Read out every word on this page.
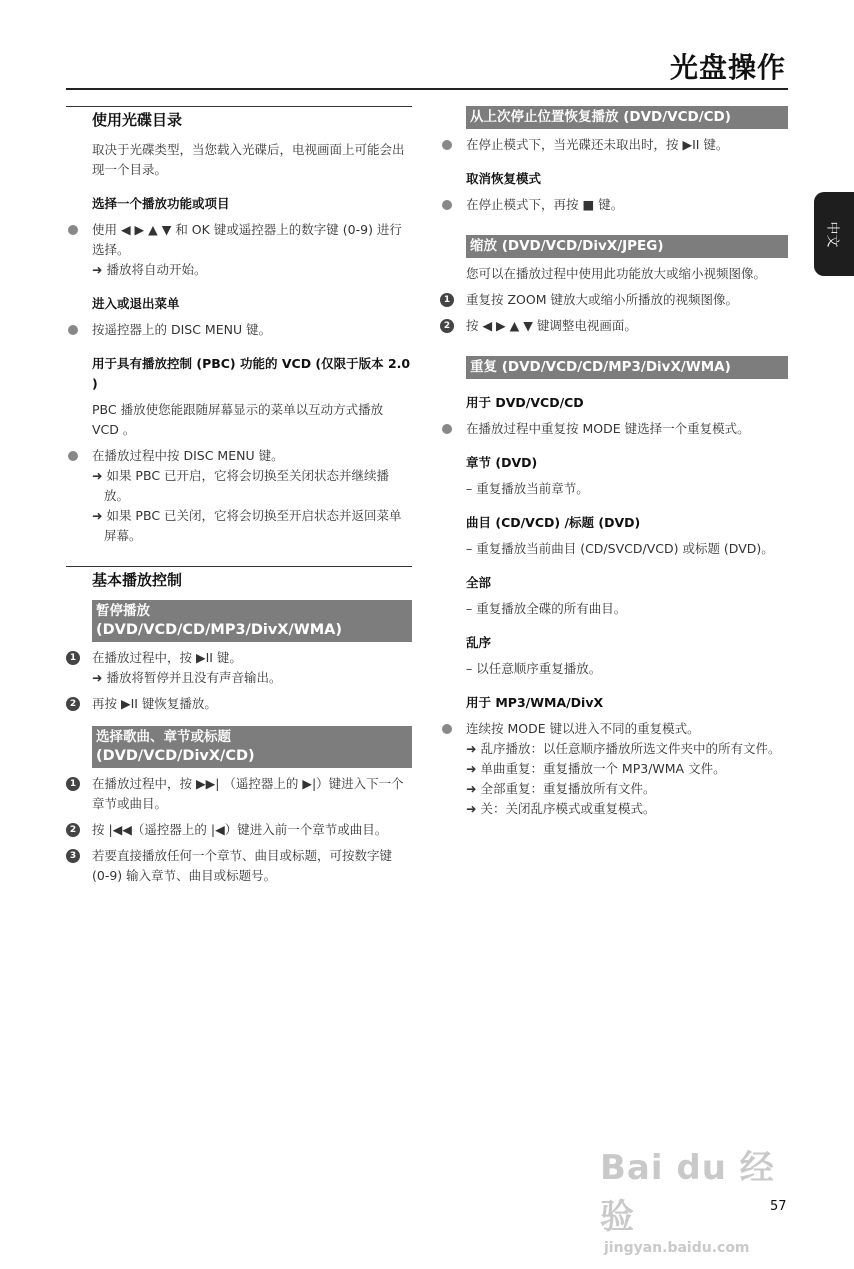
光盘操作
中文
使用光碟目录
取决于光碟类型，当您载入光碟后，电视画面上可能会出现一个目录。
选择一个播放功能或项目
使用 ◀ ▶ ▲ ▼ 和 OK 键或遥控器上的数字键 (0-9) 进行选择。
➜ 播放将自动开始。
进入或退出菜单
按遥控器上的 DISC MENU 键。
用于具有播放控制 (PBC) 功能的 VCD (仅限于版本 2.0 )
PBC 播放使您能跟随屏幕显示的菜单以互动方式播放 VCD 。
在播放过程中按 DISC MENU 键。
➜ 如果 PBC 已开启，它将会切换至关闭状态并继续播放。
➜ 如果 PBC 已关闭，它将会切换至开启状态并返回菜单屏幕。
基本播放控制
暂停播放
(DVD/VCD/CD/MP3/DivX/WMA)
1	在播放过程中，按 ▶II 键。
➜ 播放将暂停并且没有声音输出。
2	再按 ▶II 键恢复播放。
选择歌曲、章节或标题
(DVD/VCD/DivX/CD)
1	在播放过程中，按 ▶▶| （遥控器上的 ▶|）键进入下一个章节或曲目。
2	按 |◀◀（遥控器上的 |◀）键进入前一个章节或曲目。
3	若要直接播放任何一个章节、曲目或标题，可按数字键 (0-9) 输入章节、曲目或标题号。
从上次停止位置恢复播放 (DVD/VCD/CD)
在停止模式下，当光碟还未取出时，按 ▶II 键。
取消恢复模式
在停止模式下，再按 ■ 键。
缩放 (DVD/VCD/DivX/JPEG)
您可以在播放过程中使用此功能放大或缩小视频图像。
1	重复按 ZOOM 键放大或缩小所播放的视频图像。
2	按 ◀ ▶ ▲ ▼ 键调整电视画面。
重复 (DVD/VCD/CD/MP3/DivX/WMA)
用于 DVD/VCD/CD
在播放过程中重复按 MODE 键选择一个重复模式。
章节 (DVD)
– 重复播放当前章节。
曲目 (CD/VCD) /标题 (DVD)
– 重复播放当前曲目 (CD/SVCD/VCD) 或标题 (DVD)。
全部
– 重复播放全碟的所有曲目。
乱序
– 以任意顺序重复播放。
用于 MP3/WMA/DivX
连续按 MODE 键以进入不同的重复模式。
➜ 乱序播放：以任意顺序播放所选文件夹中的所有文件。
➜ 单曲重复：重复播放一个 MP3/WMA 文件。
➜ 全部重复：重复播放所有文件。
➜ 关：关闭乱序模式或重复模式。
Bai du 经验
jingyan.baidu.com
57
